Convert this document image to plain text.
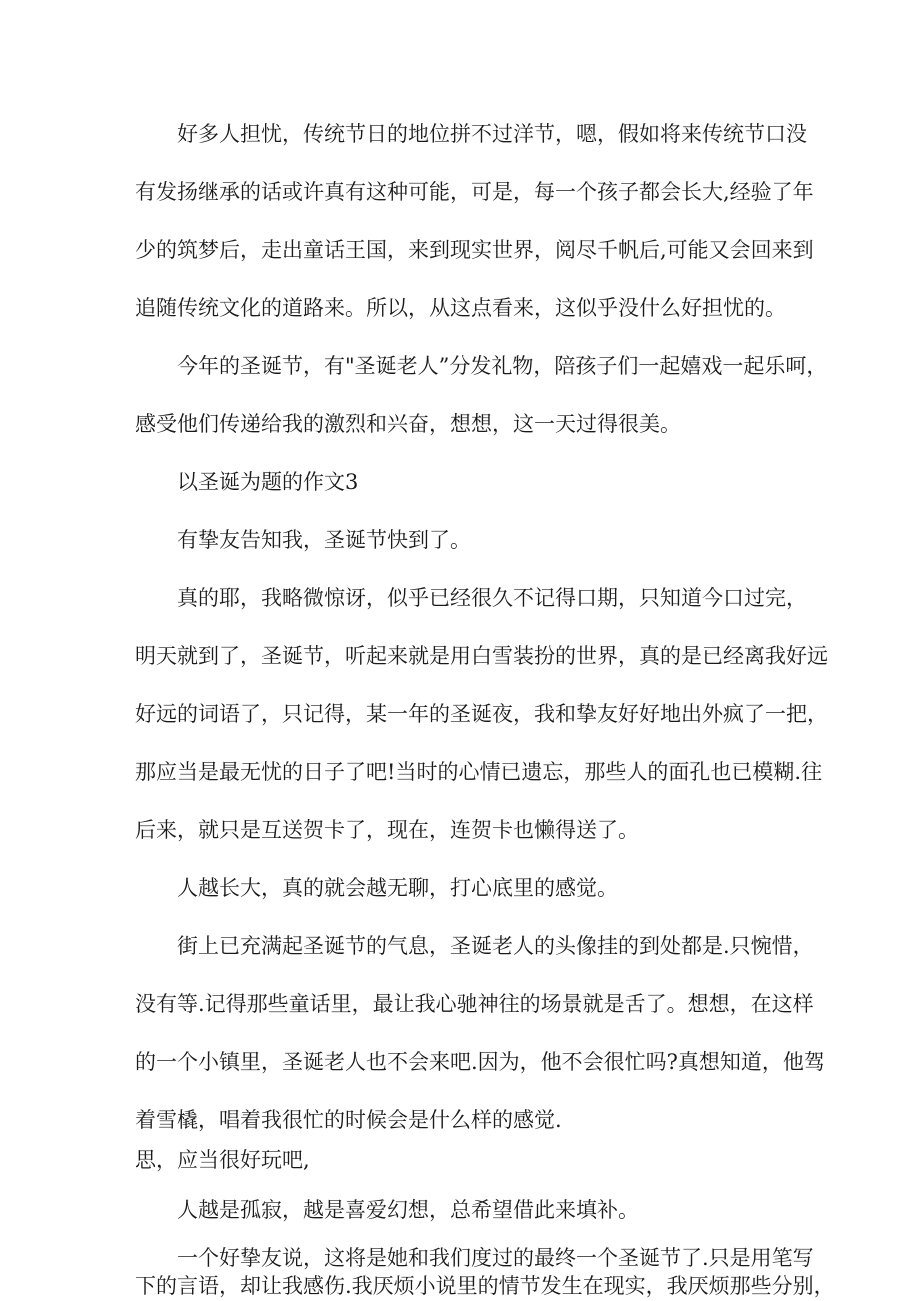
好多人担忧，传统节日的地位拼不过洋节，嗯，假如将来传统节口没

有发扬继承的话或许真有这种可能，可是，每一个孩子都会长大,经验了年

少的筑梦后，走出童话王国，来到现实世界，阅尽千帆后,可能又会回来到

追随传统文化的道路来。所以，从这点看来，这似乎没什么好担忧的。

今年的圣诞节，有"圣诞老人”分发礼物，陪孩子们一起嬉戏一起乐呵，

感受他们传递给我的激烈和兴奋，想想，这一天过得很美。

以圣诞为题的作文3

有挚友告知我，圣诞节快到了。

真的耶，我略微惊讶，似乎已经很久不记得口期，只知道今口过完，

明天就到了，圣诞节，听起来就是用白雪装扮的世界，真的是已经离我好远

好远的词语了，只记得，某一年的圣诞夜，我和挚友好好地出外疯了一把，

那应当是最无忧的日子了吧!当时的心情已遗忘，那些人的面孔也已模糊.往

后来，就只是互送贺卡了，现在，连贺卡也懒得送了。

人越长大，真的就会越无聊，打心底里的感觉。

街上已充满起圣诞节的气息，圣诞老人的头像挂的到处都是.只惋惜，

没有等.记得那些童话里，最让我心驰神往的场景就是舌了。想想，在这样

的一个小镇里，圣诞老人也不会来吧.因为，他不会很忙吗?真想知道，他驾

着雪橇，唱着我很忙的时候会是什么样的感觉.

思，应当很好玩吧,

人越是孤寂，越是喜爱幻想，总希望借此来填补。

一个好挚友说，这将是她和我们度过的最终一个圣诞节了.只是用笔写

下的言语，却让我感伤.我厌烦小说里的情节发生在现实，我厌烦那些分别，
